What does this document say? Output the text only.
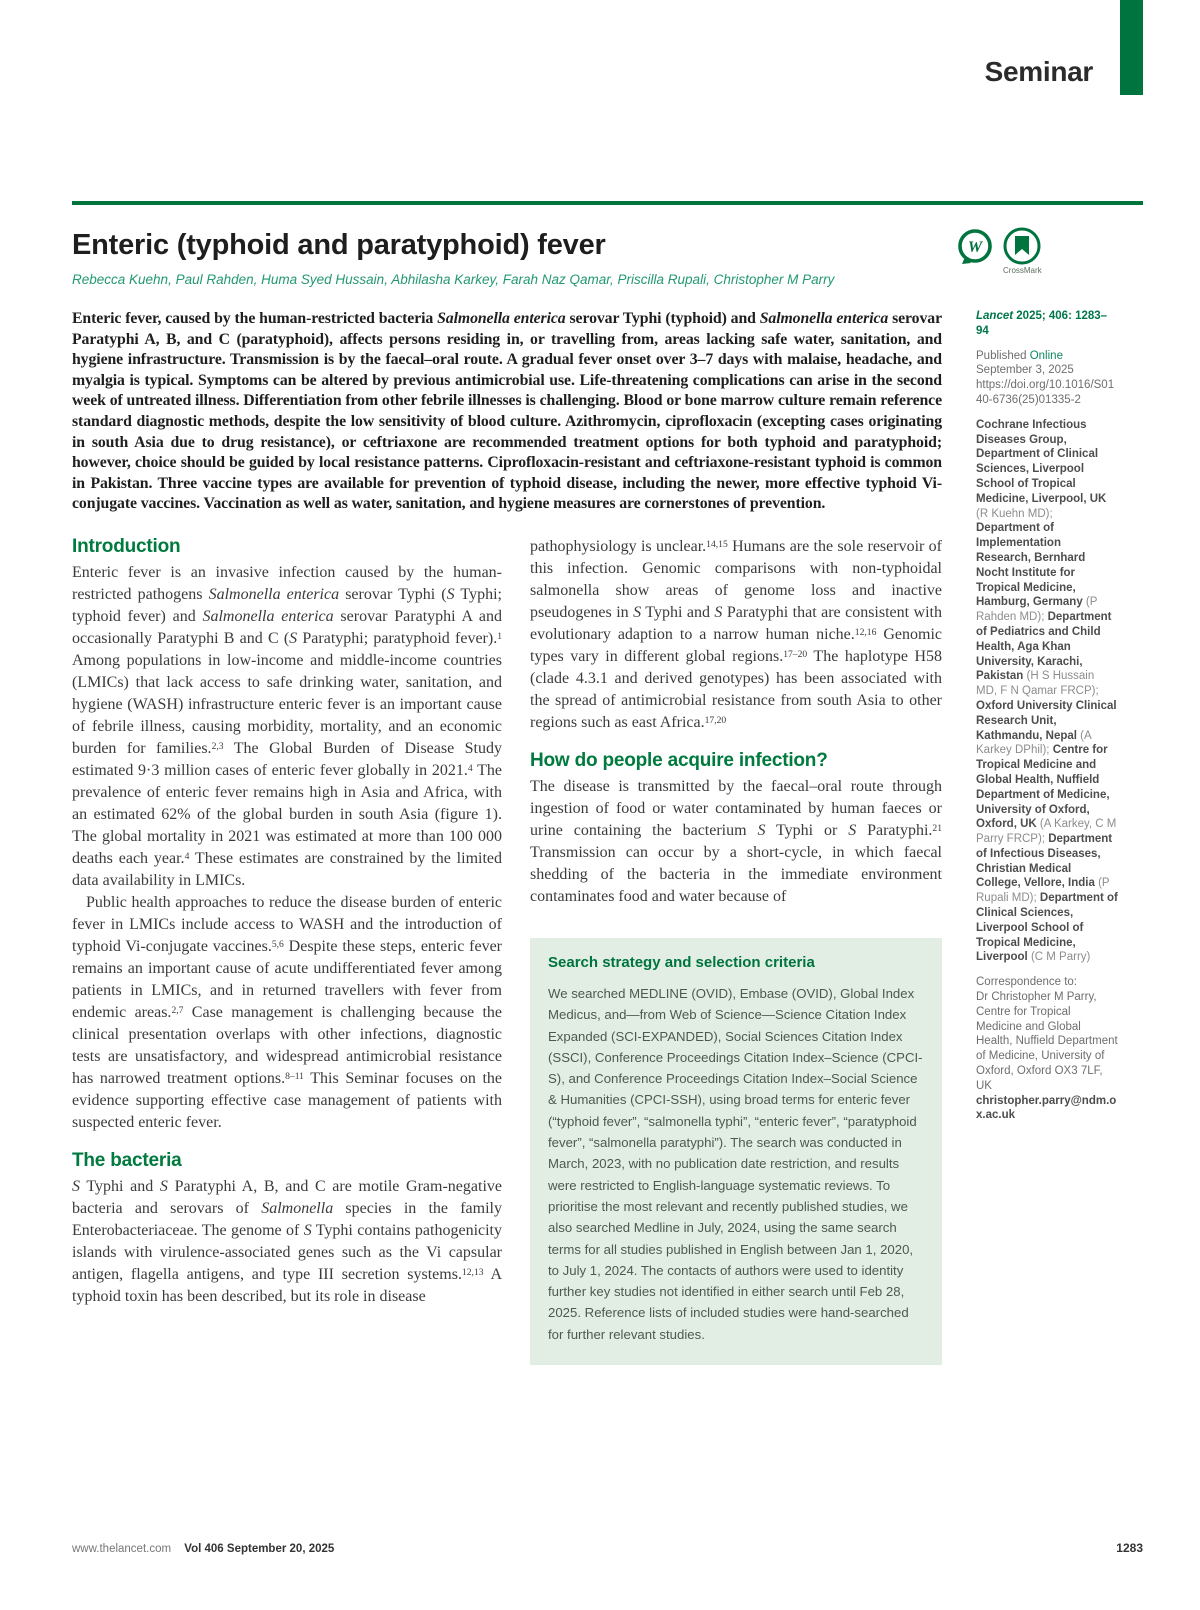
Seminar
Enteric (typhoid and paratyphoid) fever	W
CrossMark
Rebecca Kuehn, Paul Rahden, Huma Syed Hussain, Abhilasha Karkey, Farah Naz Qamar, Priscilla Rupali, Christopher M Parry

Enteric fever, caused by the human-restricted bacteria Salmonella enterica serovar Typhi (typhoid) and Salmonella enterica serovar Paratyphi A, B, and C (paratyphoid), affects persons residing in, or travelling from, areas lacking safe water, sanitation, and hygiene infrastructure. Transmission is by the faecal–oral route. A gradual fever onset over 3–7 days with malaise, headache, and myalgia is typical. Symptoms can be altered by previous antimicrobial use. Life-threatening complications can arise in the second week of untreated illness. Differentiation from other febrile illnesses is challenging. Blood or bone marrow culture remain reference standard diagnostic methods, despite the low sensitivity of blood culture. Azithromycin, ciprofloxacin (excepting cases originating in south Asia due to drug resistance), or ceftriaxone are recommended treatment options for both typhoid and paratyphoid; however, choice should be guided by local resistance patterns. Ciprofloxacin-resistant and ceftriaxone-resistant typhoid is common in Pakistan. Three vaccine types are available for prevention of typhoid disease, including the newer, more effective typhoid Vi-conjugate vaccines. Vaccination as well as water, sanitation, and hygiene measures are cornerstones of prevention.

Introduction

Enteric fever is an invasive infection caused by the human-restricted pathogens Salmonella enterica serovar Typhi (S Typhi; typhoid fever) and Salmonella enterica serovar Paratyphi A and occasionally Paratyphi B and C (S Paratyphi; paratyphoid fever).$^1$ Among populations in low-income and middle-income countries (LMICs) that lack access to safe drinking water, sanitation, and hygiene (WASH) infrastructure enteric fever is an important cause of febrile illness, causing morbidity, mortality, and an economic burden for families.$^{2,3}$ The Global Burden of Disease Study estimated 9·3 million cases of enteric fever globally in 2021.$^4$ The prevalence of enteric fever remains high in Asia and Africa, with an estimated 62% of the global burden in south Asia (figure 1). The global mortality in 2021 was estimated at more than 100 000 deaths each year.$^4$ These estimates are constrained by the limited data availability in LMICs.

Public health approaches to reduce the disease burden of enteric fever in LMICs include access to WASH and the introduction of typhoid Vi-conjugate vaccines.$^{5,6}$ Despite these steps, enteric fever remains an important cause of acute undifferentiated fever among patients in LMICs, and in returned travellers with fever from endemic areas.$^{2,7}$ Case management is challenging because the clinical presentation overlaps with other infections, diagnostic tests are unsatisfactory, and widespread antimicrobial resistance has narrowed treatment options.$^{8-11}$ This Seminar focuses on the evidence supporting effective case management of patients with suspected enteric fever.

The bacteria

S Typhi and S Paratyphi A, B, and C are motile Gram-negative bacteria and serovars of Salmonella species in the family Enterobacteriaceae. The genome of S Typhi contains pathogenicity islands with virulence-associated genes such as the Vi capsular antigen, flagella antigens, and type III secretion systems.$^{12,13}$ A typhoid toxin has been described, but its role in disease

pathophysiology is unclear.$^{14,15}$ Humans are the sole reservoir of this infection. Genomic comparisons with non-typhoidal salmonella show areas of genome loss and inactive pseudogenes in S Typhi and S Paratyphi that are consistent with evolutionary adaption to a narrow human niche.$^{12,16}$ Genomic types vary in different global regions.$^{17-20}$ The haplotype H58 (clade 4.3.1 and derived genotypes) has been associated with the spread of antimicrobial resistance from south Asia to other regions such as east Africa.$^{17,20}$

How do people acquire infection?

The disease is transmitted by the faecal–oral route through ingestion of food or water contaminated by human faeces or urine containing the bacterium S Typhi or S Paratyphi.$^{21}$ Transmission can occur by a short-cycle, in which faecal shedding of the bacteria in the immediate environment contaminates food and water because of

Search strategy and selection criteria

We searched MEDLINE (OVID), Embase (OVID), Global Index Medicus, and—from Web of Science—Science Citation Index Expanded (SCI-EXPANDED), Social Sciences Citation Index (SSCI), Conference Proceedings Citation Index–Science (CPCI-S), and Conference Proceedings Citation Index–Social Science & Humanities (CPCI-SSH), using broad terms for enteric fever (“typhoid fever”, “salmonella typhi”, “enteric fever”, “paratyphoid fever”, “salmonella paratyphi”). The search was conducted in March, 2023, with no publication date restriction, and results were restricted to English-language systematic reviews. To prioritise the most relevant and recently published studies, we also searched Medline in July, 2024, using the same search terms for all studies published in English between Jan 1, 2020, to July 1, 2024. The contacts of authors were used to identity further key studies not identified in either search until Feb 28, 2025. Reference lists of included studies were hand-searched for further relevant studies.

Lancet 2025; 406: 1283–94

Published Online
September 3, 2025
https://doi.org/10.1016/S0140-6736(25)01335-2

Cochrane Infectious Diseases Group, Department of Clinical Sciences, Liverpool School of Tropical Medicine, Liverpool, UK (R Kuehn MD); Department of Implementation Research, Bernhard Nocht Institute for Tropical Medicine, Hamburg, Germany (P Rahden MD); Department of Pediatrics and Child Health, Aga Khan University, Karachi, Pakistan (H S Hussain MD, F N Qamar FRCP); Oxford University Clinical Research Unit, Kathmandu, Nepal (A Karkey DPhil); Centre for Tropical Medicine and Global Health, Nuffield Department of Medicine, University of Oxford, Oxford, UK (A Karkey, C M Parry FRCP); Department of Infectious Diseases, Christian Medical College, Vellore, India (P Rupali MD); Department of Clinical Sciences, Liverpool School of Tropical Medicine, Liverpool (C M Parry)

Correspondence to:
Dr Christopher M Parry, Centre for Tropical Medicine and Global Health, Nuffield Department of Medicine, University of Oxford, Oxford OX3 7LF, UK
christopher.parry@ndm.ox.ac.uk

www.thelancet.com Vol 406 September 20, 2025	1283
